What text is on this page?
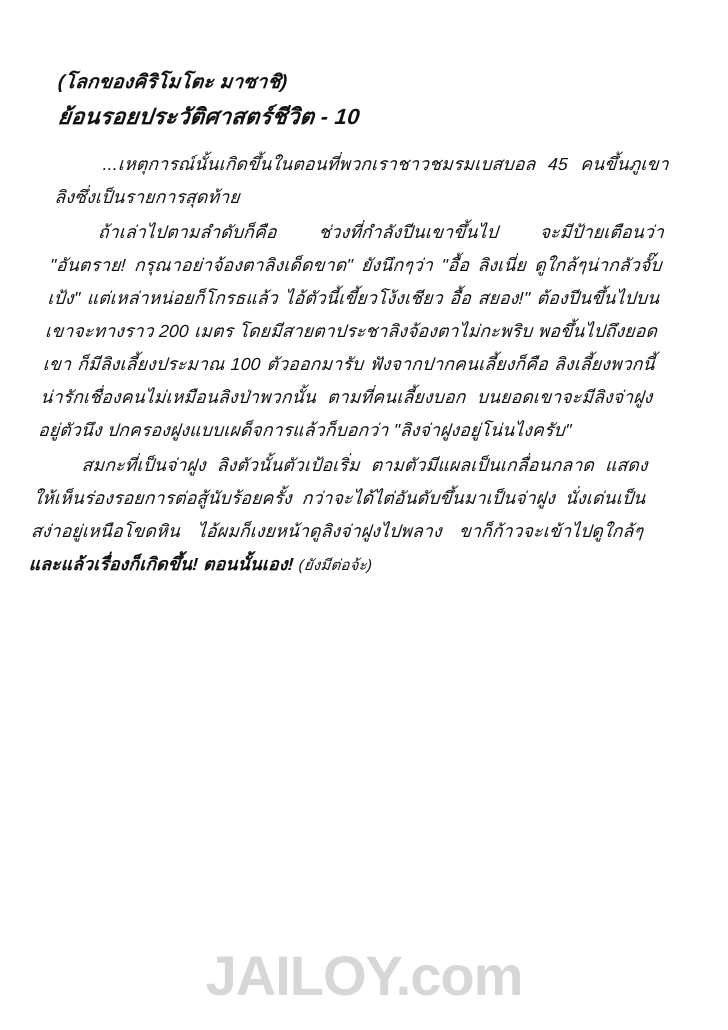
(โลกของคิริโมโตะ มาซาชิ)
ย้อนรอยประวัติศาสตร์ชีวิต - 10

...เหตุการณ์นั้นเกิดขึ้นในตอนที่พวกเราชาวชมรมเบสบอล 45 คนขึ้นภูเขาลิงซึ่งเป็นรายการสุดท้าย

ถ้าเล่าไปตามลำดับก็คือ ช่วงที่กำลังปีนเขาขึ้นไป จะมีป้ายเตือนว่า "อันตราย! กรุณาอย่าจ้องตาลิงเด็ดขาด" ยังนึกๆว่า "อื้อ ลิงเนี่ย ดูใกล้ๆน่ากลัวจั๊บเป้ง" แต่เหล่าหน่อยก็โกรธแล้ว ไอ้ตัวนี้เขี้ยวโง้งเชียว อื้อ สยอง!" ต้องปีนขึ้นไปบนเขาจะทางราว 200 เมตร โดยมีสายตาประชาลิงจ้องตาไม่กะพริบ พอขึ้นไปถึงยอดเขา ก็มีลิงเลี้ยงประมาณ 100 ตัวออกมารับ ฟังจากปากคนเลี้ยงก็คือ ลิงเลี้ยงพวกนี้น่ารักเชื่องคนไม่เหมือนลิงป่าพวกนั้น ตามที่คนเลี้ยงบอก บนยอดเขาจะมีลิงจ่าฝูงอยู่ตัวนึง ปกครองฝูงแบบเผด็จการแล้วก็บอกว่า "ลิงจ่าฝูงอยู่โน่นไงครับ"

สมกะที่เป็นจ่าฝูง ลิงตัวนั้นตัวเป้อเริ่ม ตามตัวมีแผลเป็นเกลื่อนกลาด แสดงให้เห็นร่องรอยการต่อสู้นับร้อยครั้ง กว่าจะได้ไต่อันดับขึ้นมาเป็นจ่าฝูง นั่งเด่นเป็นสง่าอยู่เหนือโขดหิน ไอ้ผมก็เงยหน้าดูลิงจ่าฝูงไปพลาง ขาก็ก้าวจะเข้าไปดูใกล้ๆ และแล้วเรื่องก็เกิดขึ้น! ตอนนั้นเอง! (ยังมีต่อจ้ะ)

JAILOY.com
